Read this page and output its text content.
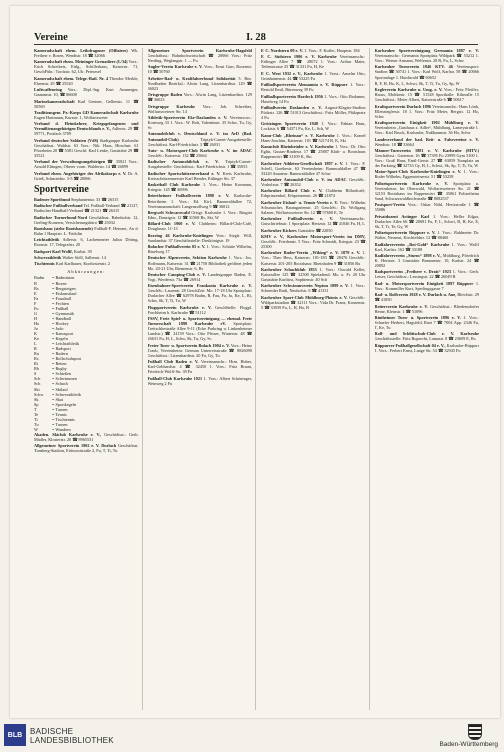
Vereine	I. 28
Kameradschaft ehem. Leibdragoner (Offiziere) Wk. Freiherr v. Rosen, Wendtstr. 18 ☎ 32066
Kameradschaft ehem. Meininger Grenadiere (I./34) Vors.: Erich Schreibeis, Ettlg., Schillerhaus, Kaiserstr. 71, GeschFühr.: Torckstr. 62, Ulr. Peterzsel
Kameradschaft ehem. Telegr.-Batl. Nr. 4 Theodor Merkle, Ehrenstr. 29 ☎ 25520
Luftwaffenring Vors.: Dipl.-Ing. Kurt Ammerger, Gaatamstr. 10, ☎ 86608
Marinekameradschaft Karl Gestner, Gellertstr. 11 ☎ 50569
Traditionsgem. Pz.-Korps GD Kameradschaft Karlsruhe Eugen Hartmann, Kurzstr. 1, Wolfartsweier
Verband d. Heimkehrer, Kriegsgefangenen und Vermißtenangehörigen Deutschlands e. V., Adlerstr. 29 ☎ 59771, Postfach 3709
Verband deutscher Soldaten (VdS) Stadtgruppe Karlsruhe Geschäftsst. Waldstr. 63 Vors.: Nik. Haas, Hirschstr. 61 Pforzheim 20 ☎ 5381 Geschf. Karl Lenke, Gaststätte 29 ☎ 35521
Verband der Verwaltungsangehörigen ☎ 35821 Vors.: Arnold Eltingen, Oberer vorm. Walderstr. 14 ☎ 26899
Verband ehem. Angehöriger des Afrikakorps e. V. Dr. A. Grieß, Schmiedstr. 3-5 ☎ 20066
Sportvereine
Badener Sportbund Stephanienstr. 33 ☎ 26315
Badischer Fußballverband Tel. Fußball-Verband ☎ 21127, Badischer Handball-Verband ☎ 21321 ☎ 26315
Badischer Turnerbund-Nord Geschäftsst. Bahnhofstr. 12, Gerling-Konzern, Versicherungsbüro ☎ 25032
Bootshaus (siehe Bootsbauende) Fußball-F. Heinzer, An d. Bahn 1 Hauptstr. L. Fridolin
Leichtathletik Adlerstr. 6, Lachenmeier Julius Döring, Roonstr. 17, Telegrafstr. 20
Radsport Karl Wolff, Karlstr. 39
Schwerathletik Walter Stöll, Sallenstr. 14
Tischtennis Karl Karlbauer, Kurfürstenstr. 2
Abkürzungen:
Badm	= Badminton
B	= Boxen
Bs	= Bergsteigen
E	= Eiskunstlauf
Fa	= Faustball
F	= Fechten
Fu	= Fußball
G	= Gymnastik
H	= Handball
Ho	= Hockey
Ju	= Judo
K	= Kanusport
Ke	= Kegeln
L	= Leichtathletik
R	= Radsport
Ru	= Rudern
Rs	= Rollschuhsport
Ri	= Reiten
Rb	= Rugby
S	= Schießen
Sch	= Schwimmen
Sch	= Schach
Ski	= Skilauf
Schw	= Schwerathletik
Sk	= Skat
Sp	= Sportkegeln
T	= Turnen
Te	= Tennis
Ti	= Tischtennis
Tu	= Turnen
W	= Wandern
Akaden. Skiclub Karlsruhe e. V., Geschäftsst.: Gerh. Mädler, Klosterstr. 20 ☎ 8965531
Allgemeiner Sportverein 1902 e. V. Durlach Geschäftsst. Turnberg-Stadion, Eisbooststraße 2, Fu, T, Ti, Tu
Allgemeiner Sportverein Karlsruhe-Hagsfeld Geschäftsst.: Bahnhofswirtschaft ☎ 20066 Vors.: Fritz Nerding, Weglangstr. 1 — Fu
Angler-Verein Karlsruhe e. V. Vors.: Ernst Gurr, Rosenstr. 10 ☎ 50760
Arbeiter-Rad- u. Kraftfahrerbund Solidarität 5. Bez. Nordbaden Bezirksl.: Alwin Lang, Litzenhardtstr. 129 ☎ 36023
Ortsgruppe Baden Vors.: Alwin Lang, Litzenhardtstr. 129 ☎ 36023
Ortsgruppe Karlsruhe Vors.: Joh. Schreiber, Wolfartsweierer Str. 14
Athletik-Sportverein Eke-Daxlanden e. V. Vereinsvors.: Kornweg 33 1. Vors.: W. Roh, Valentinstr. 35 Schw, Tu, Gy, Sc
Automobilclub v. Deutschland e. V. im AvD (Bad. Automobil-Club)	Triptyk-Carnet-Ausgabestelle: Geschäftsst. Karl-Friedrichstr. 3 ☎ 26031
Auto- u. Motorsport-Club Karlsruhe e. V. im ADAC GeschSt.: Kaiserstr. 132 ☎ 25664
Badischer Automobilclub e. V. Triptyk-Carnet-Ausgabestelle: Geschäftsst.: Karl-Friedrichstr. 1 ☎ 35053
Badischer Sportschützenverband e. V. Kreis Karlsruhe, Kreisschützenmeister Karl Bender, Ettlinger Str. 37
Basketball Club Karlsruhe 1. Vors.: Heinz Kormann, Kriegstr. 145 ☎ 36996
Beiertheimer Fußballverein 1898 e. V. Karlsruhe-Beiertheim 1. Vors.: Ed. Kirf, Bannwaldallee 72, Vereinsmannschaft: Langenzollweg 9 ☎ 36812
Bergwelt Schwarzwald Ortsgr. Karlsruhe 1. Vors.: Ringier Edm., Danzigstr. 12 ☎ 31568 Bs, Ski, W
Billard-Club 1960 e. V. Clubheim: Billard-Club-Café, Douglasstr. 11-13
Boxring 46 Karlsruhe-Knielingen Vors.: Siegfr. Will, Saarlandstr. 37 Geschäftsstelle: Dreikönigstr. 19
Bulacher Fußballverein 05 e. V. 1. Vors.: Schütte Wilhelm, Haselweg 17
Deutscher Alpenverein, Sektion Karlsruhe 1. Vors.: Jos. Hoffmann, Kaiserstr. 31 ☎ 21758 Bibliothek geöffnet jeden Mo. 20-21 Uhr, Riemenstr. 6, Bs
Deutscher Camping-Club e. V. Landesgruppe Baden, E. Vogt, Werderstr. 73a ☎ 26914
Eisenbahner-Sportverein Frankonia Karlsruhe e. V. GeschSt.: Laurentr. 28 GeschZeit: Mo. 17-18 Uhr Sportplatz: Durlacher Allee ☎ 62978 Badm, B, Fau, Fu, Ju, Ke, L, Ri, Schw, Sk, T, Ti, Tu, W
Flugsportverein Karlsruhe e. V. GeschStelle: Flugpl. Forchheim b. Karlsruhe ☎ 51112
FSSV, Freie Spiel- u. Sportvereinigung — ehemal. Freie Turnerschaft 1898 Karlsruhe eV. Sportplatz: Treitschkestraße Allee 9-11 (Ecke Parkring u. Linkenheimer Landstr.) ☎ 24159 Vors.: Otto Pfisser, Winterstr. 48 ☎ 26631 Fu, H, L, Schw, Sk, Tu, Gy, Sc
Freier Turn- u. Sportverein Bulach 1904 e. V. Vors.: Heinz Traub, Vereinsheim: German Unterreisstraße ☎ 8826090 Geschäftsst.: Litzenhardtstr. 20 Fu, Gy, Tu
Fußball Club Baden e. V. Vereinsanschr.: Hrm. Huber, Karl-Gebhardstr. 4 ☎ 32450 1. Vors.: Fritz Braun, Friedrich-Wolff-Str. 39 Fu
Fußball-Club Karlsruhe 1921 1. Vors.: Albert Schöninger, Weinweg 2 Fu
F. C. Nordstern 09 e. V. 1. Vors.: F. Kuffer, Hauptstr. 184
F. C. Südstern 1906 e. V. Karlsruhe Vereinsanschr.: Ettlinger Allee 7 ☎ 28072 1. Vors.: Arthur Maier, Teilenstrasse 25 ☎ 31331 Fu, H, Ke
F. C. West 1932 e. V., Karlsruhe 1. Vorst.: Anselm Otto, Grünhainenstr. 44 ☎ 53225 Fu
Fußballsportverein Alemannia e. V. Rüppurr 1. Vors.: Bertold Emil, Bürenweg 39 Fu
Fußballsportverein Hardeck 1956 1. Vors.: Otto Bodamer, Haselweg 14 Fu
Fußballverein Daxlanden e. V. August-Klagiss-Stadion Pfalzstr. 126 ☎ 51013 Geschäftsst.: Fritz Möller, Pfälzpratz 4 Fu
Grötzingen Sportverein 1948 1. Vors.: Fabian Hans, Lockistr. 6 ☎ 54371 Fu, Ke, L, Sch, W
Kanu-Club „Rheinau“ e. V. Karlsruhe 1. Vors.: Kranel Hans-Joachim, Kaiserstr. 101 ☎ 52174 B, K, Ski
Kanuclub Rheinbrüder e. V. Karlsruhe 1. Vors.: Dr. Otto Eglin, Gustav-Rindestr. 17 ☎ 25887 Klub- u. Bootshaus Rappenwört ☎ 31109 K, Ski
Karlsruher Athleten-Gesellschaft 1897 e. V. 1. Vors.: F. Schell, Goethestr. 63 Vereinsheim: Bannwaldallee 47 ☎ 33220 Amateur: Bannwaldallee 47 Schw
Karlsruher Automobil-Club e. V. im ADAC GeschSt.: Vorholzstr. 7 ☎ 26352
Karlsruher Billard Club e. V. Clubheim Billardcafé, Erbprinzenhof, Erbprinzenstr. 26 ☎ 21874
Karlsruher Eislauf- u. Tennis-Verein e. V. Vors.: Wilhelm Schumacher, Baumgartenstr. 25 GeschSt.: Dr. Wolfgang Salzner, Wolfartsweierer Str. 12 ☎ 57600 E, Te
Karlsruher Fußballverein e. V. Vereinsanschr.: Gutschtriebsstr. 1 Sportplatz: Hertzstr. 12 ☎ 41046 Fu, H, L
Karlsruher Kickers Gaststätte ☎ 22050
KMV e. V., Karlsruher Motorsport-Verein im DMV, GeschSt.: Friedenstr. 5 Vors.: Fritz Schmidt, Kriegstr. 23 ☎ 25300
Karlsruher Ruder-Verein „Wiking“ e. V. 1879 e. V. 1. Vors.: Theo Hess, Kaiserstr. 181-183 ☎ 28476 GeschSt.: Kaiserstr. 201-205 Bootshaus: Rheinhafen 9 ☎ 31856 Ru
Karlsruher Schachklub 1853 1. Vors.: Oswald Keller, Kaiserallee 125 ☎ 32500 Spieladend: Mo. u. Fr. 20 Uhr Gaststätte Kurfürst, Sophienstr. 40 Sch
Karlsruher Schwimmverein Neptun 1899 e. V. 1. Vors.: Schneider Rudi, Neuhofstr. 6 ☎ 41331
Karlsruher Sport-Club Mühlburg-Phönix e. V. GeschSt.: Wildparkstadion ☎ 32111 Vors.: Vida Dr. Franz, Kronenstr. 5 ☎ 33939 Fu, L, H, Ho, B
Karlsruher Sportvereinigung Germania 1887 e. V. Vereinsanschr.: Germania Sportplatz Wildpark ☎ 53212 1. Vors.: Werner Armann, Welfenstr. 28 B, Fu, L, Schw
Karlsruher Turnverein 1846 KTV. 46 Vereinssport: Stadion ☎ 30741 1. Vors.: Karl Wolf, Karlstr. 58 ☎ 20066 Sportanlage 1. Hardtwald ☎ 60652
B, F, H, Ho, K, L, Schwi, Sk, T, Ti, Tu, Gy, Sp, W
Kegleverein Karlsruhe u. Umg. e. V. Vors.: Fritz Pfeiffer, Hauss, Moltkestr. 15 ☎ 51528 Sporthalle: Kiheralle 15 Geschäftsst.: Meier Albert, Kaiserstraße 6 ☎ 50617
Kraftsportverein Durlach 1896 Vereinsanschr.: Hans Lönh, Ellenzieglerstr. 18 1. Vors.: Fritz Meier, Bergstr. 12 Ho, Schw
Kraftsportverein Einigkeit 1902 Mühlburg e. V. Vereinsheim „Gasthaus z. Adler“, Mühlburg, Lameystraße 1. Vors.: Karl Bruck, Karlsruhe, Nußbaumstr. 36 Ho, Schw
Landesverband der bad. Reit- u. Fahrvereine e. V. Wendtstr. 18 ☎ 33664
Männer-Turnverein 1881 e. V. Karlsruhe (MTV.) Geschäftsst.: Gartenstr. 16 ☎ 37395 Fu 23999 Gym 3100 1. Vors.: Gruß Hans, Emil-Gerstr. 27 ☎ 63059 Turnplatz an der Parkring ☎ 32733 Gy, H, L, Schwi, Sk, Sp, T, Ti, Tu, W
Motor-Sport-Club Karlsruhe-Knielingen e. V. 1. Vors.: Roder Wilhelm, Eggensteinerstr. 51 ☎ 53258
Polizeisportverein Karlsruhe e. V. Sportplatz u. Vereinsheim: Im Oberwald, Wolfartsweierer Str. 21 ☎ 32153 Bootshaus im Rappenwört ☎ 35061 Polizeiheim Sand, Schwarzwaldhochstraße ☎ 8082537
Postsport-Verein Vors.: Oskar Nöhl, Hertzstraße 1 ☎ 55086
Privatdozent Artinger Karl 1. Vors.: Heller Edgar, Durlacher Allee 66 ☎ 20681 Fu, F, L, Schwi, B, H, Ke, E, Sk, T, Ti, Te, Gy, W
Polizeisportverein Rüppurr e. V. 1. Vors.: Rahlmeier Dr. Walter, Neureut, Kirchfeldstr. 12 ☎ 88460
Radfahrerverein „Rot-Gold“ Karlsruhe 1. Vors.: Wolff Karl, Karlstr. 162 ☎ 33188
Radfahrerverein „Sturm“ 1898 e. V., Mühlburg, Pfriedrich K. Hertzstr. 3 Gaststätte Brunnenstr. 10, Karlstr. 24 ☎ 20892
Radsportverein „Freiherr v. Drais“ 1923 1. Vors.: Gerh. Leiser, Geschäftsst.: Lessingstr. 22 ☎ 26049 R
Rad- u. Motorsportverein Einigkeit 1897 Rüppurr 1. Vors.: Kommiller Kurt, Sperlingsgasse 7
Rad- u. Rollverein 1928 e. V. Durlach u. Aue, Bleichstr. 29 ☎ 41850
Reiterverein Karlsruhe e. V. Geschäftsst.: Bliedensdorfer Heine, Kleinstr. 1 ☎ 51096
Rintheimer Turn- u. Sportverein 1896 e. V. 1. Vors.: Schaefer Herbert, Hagsfeld, Ruet 7 ☎ 7004 App. 2346 Fu, T, Ke, Tu
Roll- und Schlittschuh-Club e. V. Karlsruhe Geschäftsstelle: Fritz Ruprecht, Lamastr. 8 ☎ 23609 E, Rs
Rüppurrer Fußballgesellschaft 04 e. V., Karlsruhe-Rüppurr 1. Vors.: Ferbert Ernst, Lange Str. 54 ☎ 32945 Fu
BLB BADISCHE
LANDESBIBLIOTHEK	Baden-Württemberg
